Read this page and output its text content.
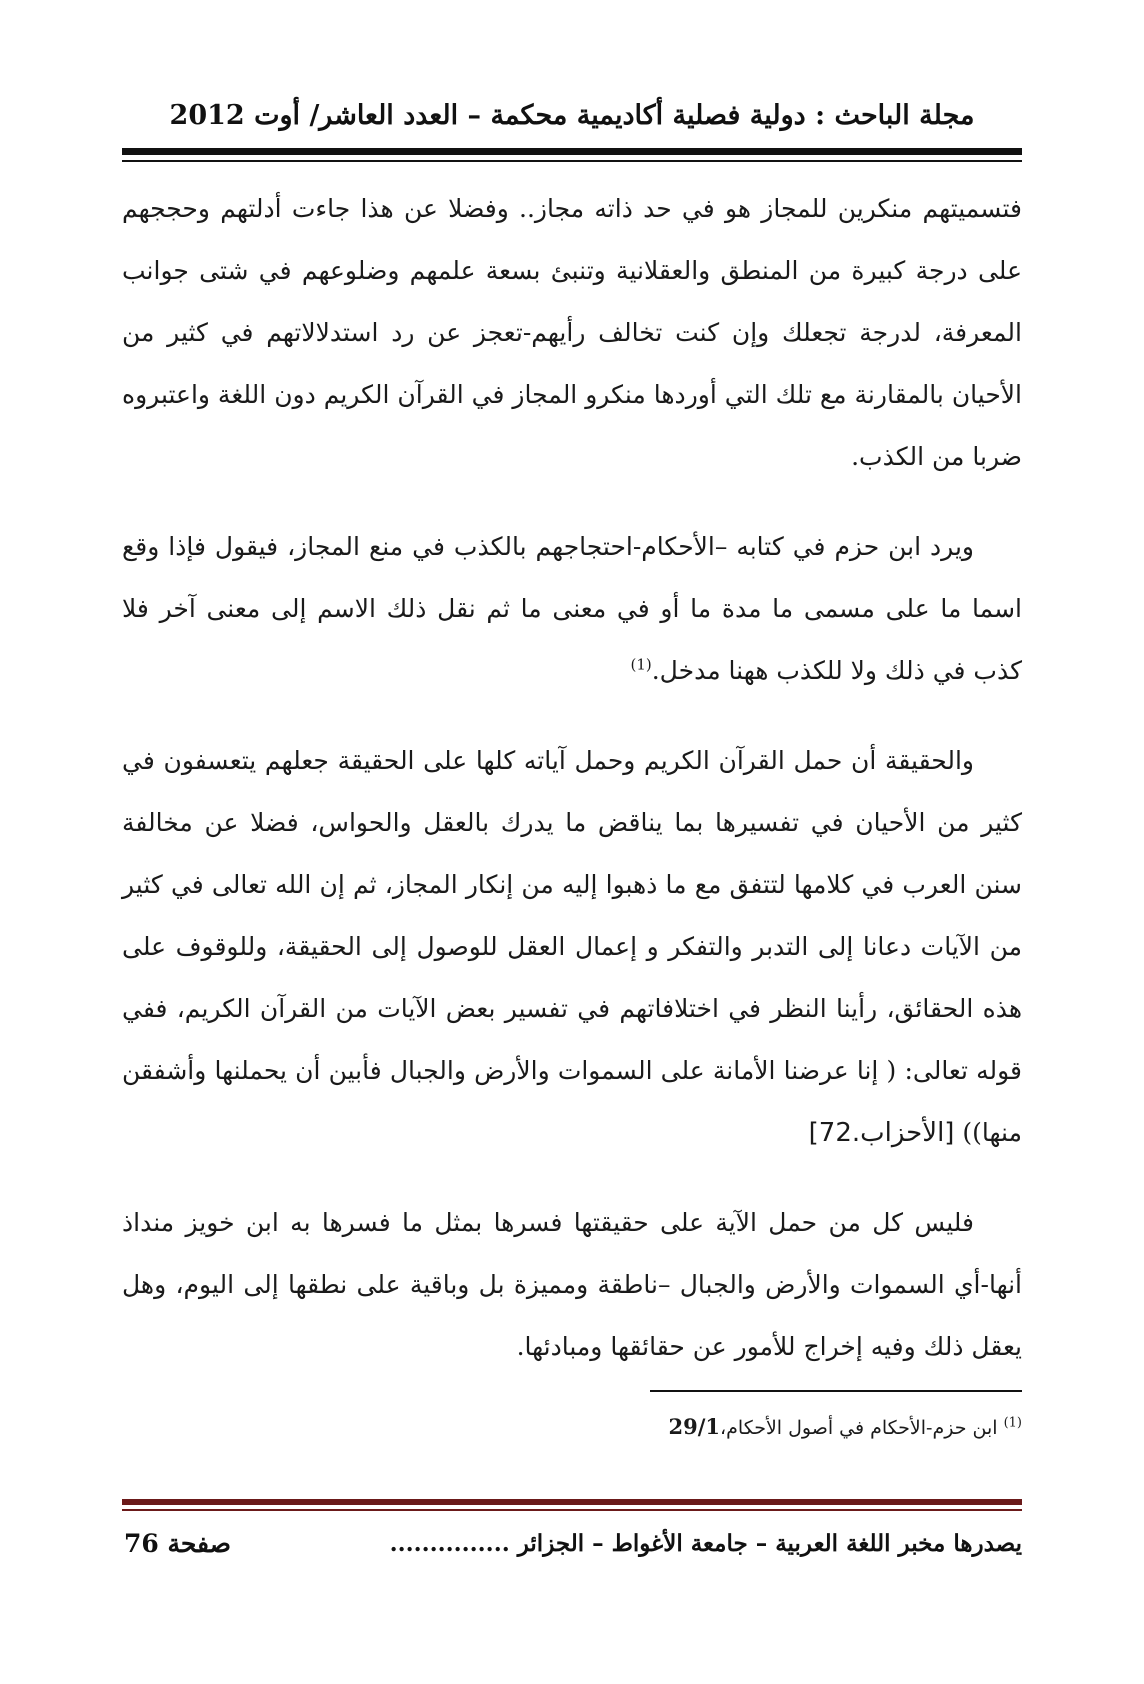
مجلة الباحث : دولية فصلية أكاديمية محكمة – العدد العاشر/ أوت 2012

فتسميتهم منكرين للمجاز هو في حد ذاته مجاز.. وفضلا عن هذا جاءت أدلتهم وحججهم على درجة كبيرة من المنطق والعقلانية وتنبئ بسعة علمهم وضلوعهم في شتى جوانب المعرفة، لدرجة تجعلك وإن كنت تخالف رأيهم-تعجز عن رد استدلالاتهم في كثير من الأحيان بالمقارنة مع تلك التي أوردها منكرو المجاز في القرآن الكريم دون اللغة واعتبروه ضربا من الكذب.

ويرد ابن حزم في كتابه –الأحكام-احتجاجهم بالكذب في منع المجاز، فيقول فإذا وقع اسما ما على مسمى ما مدة ما أو في معنى ما ثم نقل ذلك الاسم إلى معنى آخر فلا كذب في ذلك ولا للكذب ههنا مدخل.$^{(1)}$

والحقيقة أن حمل القرآن الكريم وحمل آياته كلها على الحقيقة جعلهم يتعسفون في كثير من الأحيان في تفسيرها بما يناقض ما يدرك بالعقل والحواس، فضلا عن مخالفة سنن العرب في كلامها لتتفق مع ما ذهبوا إليه من إنكار المجاز، ثم إن الله تعالى في كثير من الآيات دعانا إلى التدبر والتفكر و إعمال العقل للوصول إلى الحقيقة، وللوقوف على هذه الحقائق، رأينا النظر في اختلافاتهم في تفسير بعض الآيات من القرآن الكريم، ففي قوله تعالى: ( إنا عرضنا الأمانة على السموات والأرض والجبال فأبين أن يحملنها وأشفقن منها)) [الأحزاب.72]

فليس كل من حمل الآية على حقيقتها فسرها بمثل ما فسرها به ابن خويز منداذ أنها-أي السموات والأرض والجبال –ناطقة ومميزة بل وباقية على نطقها إلى اليوم، وهل يعقل ذلك وفيه إخراج للأمور عن حقائقها ومبادئها.

$^{(1)}$ ابن حزم-الأحكام في أصول الأحكام،29/1
يصدرها مخبر اللغة العربية – جامعة الأغواط – الجزائر ...............
صفحة 76
